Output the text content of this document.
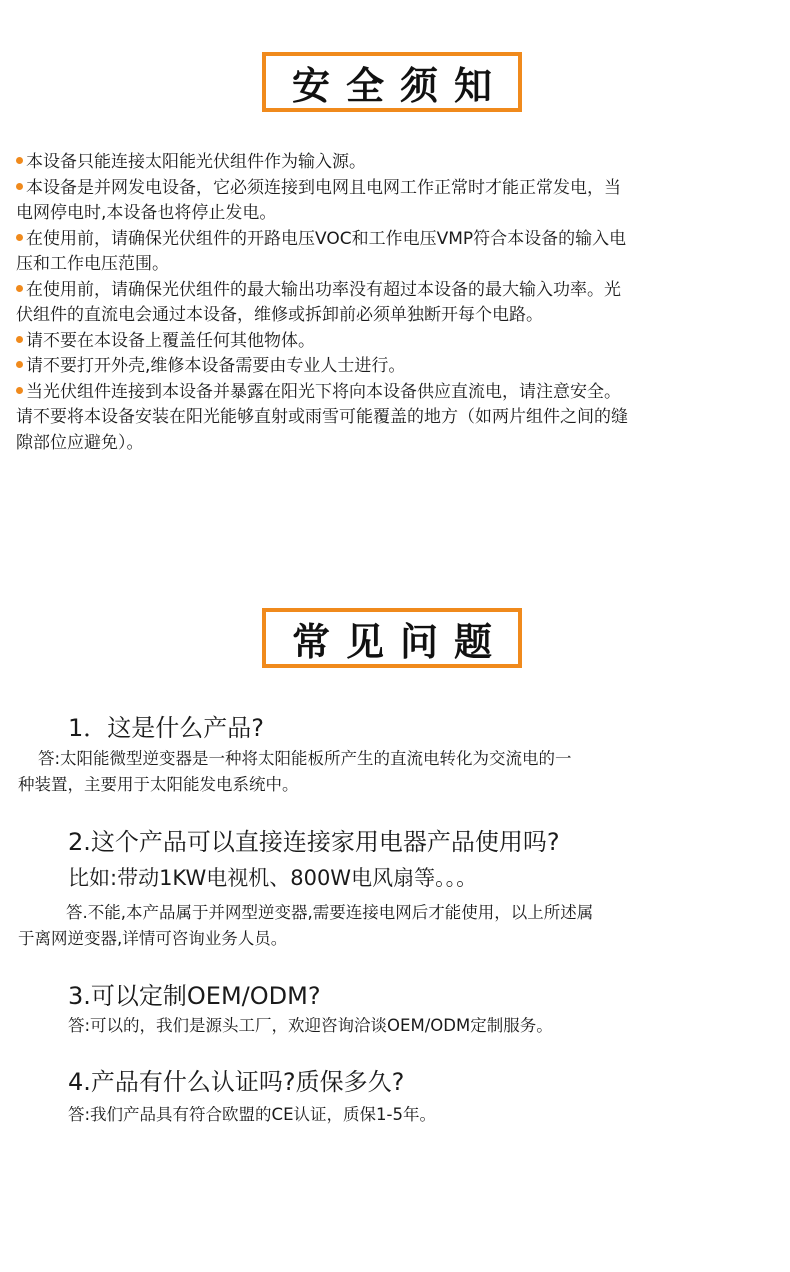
安全须知
本设备只能连接太阳能光伏组件作为输入源。
本设备是并网发电设备，它必须连接到电网且电网工作正常时才能正常发电，当
电网停电时,本设备也将停止发电。
在使用前，请确保光伏组件的开路电压VOC和工作电压VMP符合本设备的输入电
压和工作电压范围。
在使用前，请确保光伏组件的最大输出功率没有超过本设备的最大输入功率。光
伏组件的直流电会通过本设备，维修或拆卸前必须单独断开每个电路。
请不要在本设备上覆盖任何其他物体。
请不要打开外壳,维修本设备需要由专业人士进行。
当光伏组件连接到本设备并暴露在阳光下将向本设备供应直流电，请注意安全。
请不要将本设备安装在阳光能够直射或雨雪可能覆盖的地方（如两片组件之间的缝
隙部位应避免）。
常见问题
1．这是什么产品?
答:太阳能微型逆变器是一种将太阳能板所产生的直流电转化为交流电的一
种装置，主要用于太阳能发电系统中。
2.这个产品可以直接连接家用电器产品使用吗?
比如:带动1KW电视机、800W电风扇等。。。
答.不能,本产品属于并网型逆变器,需要连接电网后才能使用，以上所述属
于离网逆变器,详情可咨询业务人员。
3.可以定制OEM/ODM?
答:可以的，我们是源头工厂，欢迎咨询洽谈OEM/ODM定制服务。
4.产品有什么认证吗?质保多久?
答:我们产品具有符合欧盟的CE认证，质保1-5年。
